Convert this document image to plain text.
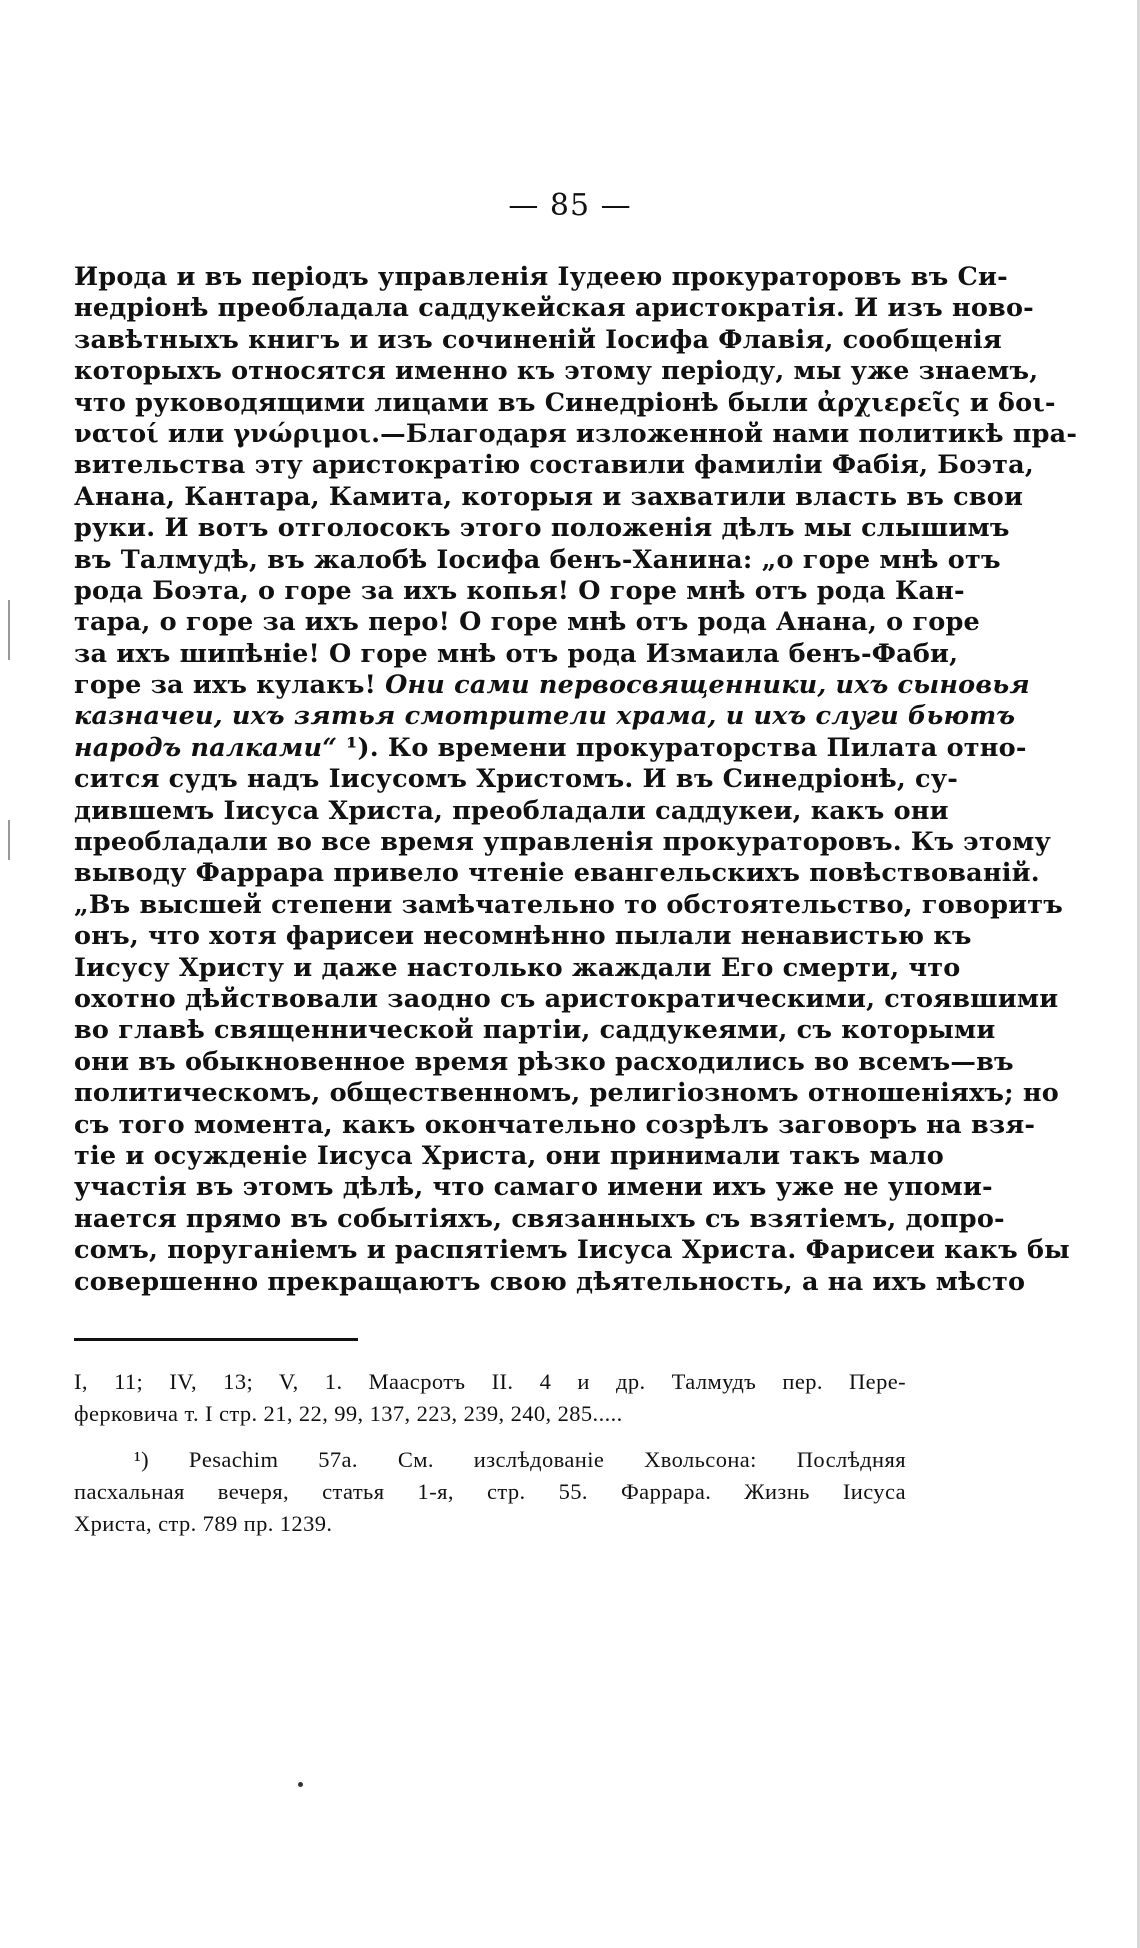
— 85 —
Ирода и въ періодъ управленія Іудеею прокураторовъ въ Си-
недріонѣ преобладала саддукейская аристократія. И изъ ново-
завѣтныхъ книгъ и изъ сочиненій Іосифа Флавія, сообщенія
которыхъ относятся именно къ этому періоду, мы уже знаемъ,
что руководящими лицами въ Синедріонѣ были ἀρχιερεῖς и δοι-
νατοί или γνώριμοι.—Благодаря изложенной нами политикѣ пра-
вительства эту аристократію составили фамиліи Фабія, Боэта,
Анана, Кантара, Камита, которыя и захватили власть въ свои
руки. И вотъ отголосокъ этого положенія дѣлъ мы слышимъ
въ Талмудѣ, въ жалобѣ Іосифа бенъ-Ханина: „о горе мнѣ отъ
рода Боэта, о горе за ихъ копья! О горе мнѣ отъ рода Кан-
тара, о горе за ихъ перо! О горе мнѣ отъ рода Анана, о горе
за ихъ шипѣніе! О горе мнѣ отъ рода Измаила бенъ-Фаби,
горе за ихъ кулакъ! Они сами первосвященники, ихъ сыновья
казначеи, ихъ зятья смотрители храма, и ихъ слуги бьютъ
народъ палками“ ¹). Ко времени прокураторства Пилата отно-
сится судъ надъ Іисусомъ Христомъ. И въ Синедріонѣ, су-
дившемъ Іисуса Христа, преобладали саддукеи, какъ они
преобладали во все время управленія прокураторовъ. Къ этому
выводу Фаррара привело чтеніе евангельскихъ повѣствованій.
„Въ высшей степени замѣчательно то обстоятельство, говоритъ
онъ, что хотя фарисеи несомнѣнно пылали ненавистью къ
Іисусу Христу и даже настолько жаждали Его смерти, что
охотно дѣйствовали заодно съ аристократическими, стоявшими
во главѣ священнической партіи, саддукеями, съ которыми
они въ обыкновенное время рѣзко расходились во всемъ—въ
политическомъ, общественномъ, религіозномъ отношеніяхъ; но
съ того момента, какъ окончательно созрѣлъ заговоръ на взя-
тіе и осужденіе Іисуса Христа, они принимали такъ мало
участія въ этомъ дѣлѣ, что самаго имени ихъ уже не упоми-
нается прямо въ событіяхъ, связанныхъ съ взятіемъ, допро-
сомъ, поруганіемъ и распятіемъ Іисуса Христа. Фарисеи какъ бы
совершенно прекращаютъ свою дѣятельность, а на ихъ мѣсто
I, 11; IV, 13; V, 1. Маасротъ II. 4 и др. Талмудъ пер. Пере-
ферковича т. I стр. 21, 22, 99, 137, 223, 239, 240, 285.....
¹) Pesachim 57a. См. изслѣдованіе Хвольсона: Послѣдняя
пасхальная вечеря, статья 1-я, стр. 55. Фаррара. Жизнь Іисуса
Христа, стр. 789 пр. 1239.
